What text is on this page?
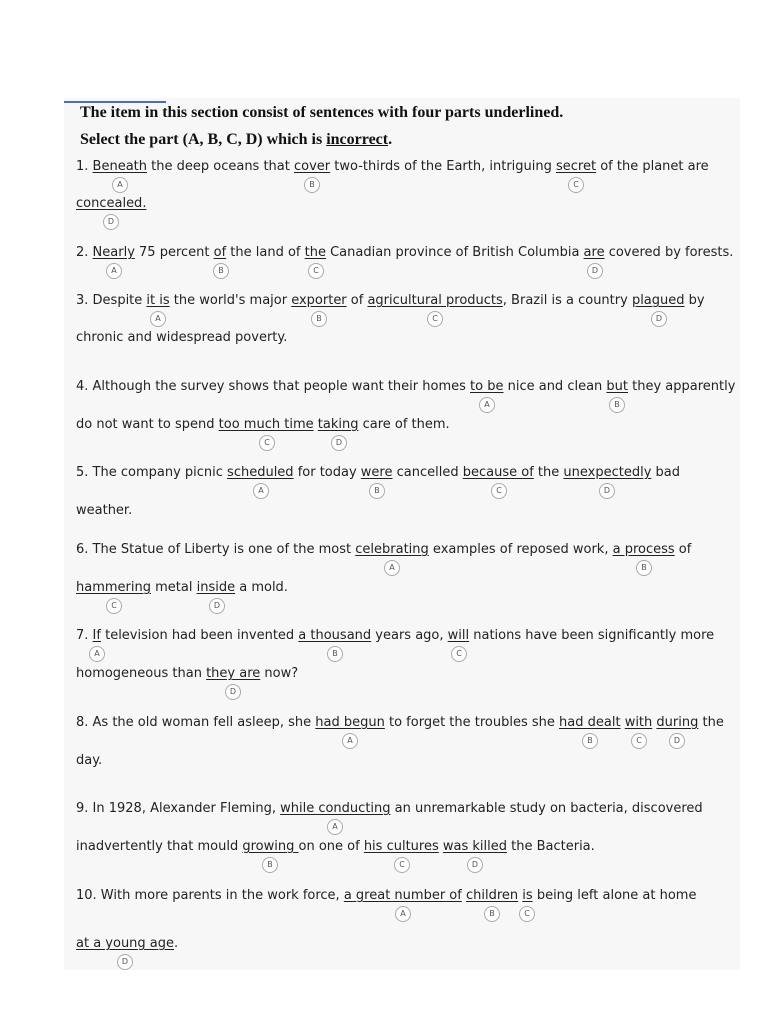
The item in this section consist of sentences with four parts underlined.
Select the part (A, B, C, D) which is incorrect.
1. Beneath the deep oceans that cover two-thirds of the Earth, intriguing secret of the planet are
A	B	C
concealed.
D
2. Nearly 75 percent of the land of the Canadian province of British Columbia are covered by forests.
A	B	C	D
3. Despite it is the world's major exporter of agricultural products, Brazil is a country plagued by
A	B	C	D
chronic and widespread poverty.
4. Although the survey shows that people want their homes to be nice and clean but they apparently
A	B
do not want to spend too much time taking care of them.
C	D
5. The company picnic scheduled for today were cancelled because of the unexpectedly bad
A	B	C	D
weather.
6. The Statue of Liberty is one of the most celebrating examples of reposed work, a process of
A	B
hammering metal inside a mold.
C	D
7. If television had been invented a thousand years ago, will nations have been significantly more
A	B	C
homogeneous than they are now?
D
8. As the old woman fell asleep, she had begun to forget the troubles she had dealt with during the
A	B	C	D
day.
9. In 1928, Alexander Fleming, while conducting an unremarkable study on bacteria, discovered
A
inadvertently that mould growing on one of his cultures was killed the Bacteria.
B	C	D
10. With more parents in the work force, a great number of children is being left alone at home
A	B	C
at a young age.
D
